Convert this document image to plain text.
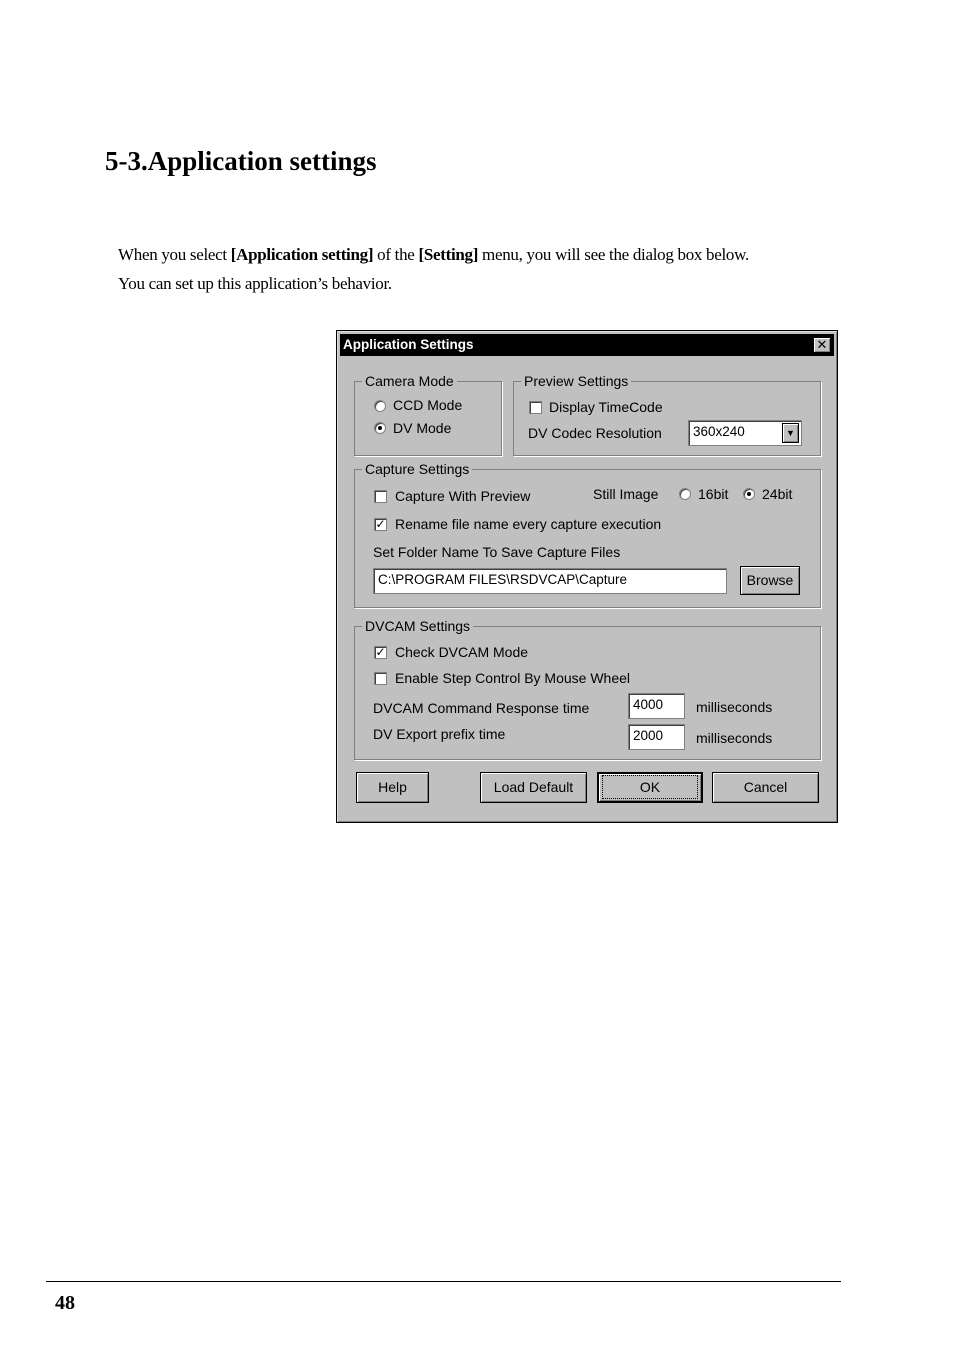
5-3.Application settings

When you select [Application setting] of the [Setting] menu, you will see the dialog box below.

You can set up this application’s behavior.

Application Settings	✕
Camera Mode
CCD Mode
DV Mode
Preview Settings
Display TimeCode
DV Codec Resolution	360x240	▼
Capture Settings
Capture With Preview	Still Image	16bit 24bit
✓ Rename file name every capture execution
Set Folder Name To Save Capture Files
C:\PROGRAM FILES\RSDVCAP\Capture	Browse
DVCAM Settings
✓ Check DVCAM Mode
Enable Step Control By Mouse Wheel
DVCAM Command Response time	4000	milliseconds
DV Export prefix time	2000	milliseconds
Help	Load Default	OK	Cancel
48
